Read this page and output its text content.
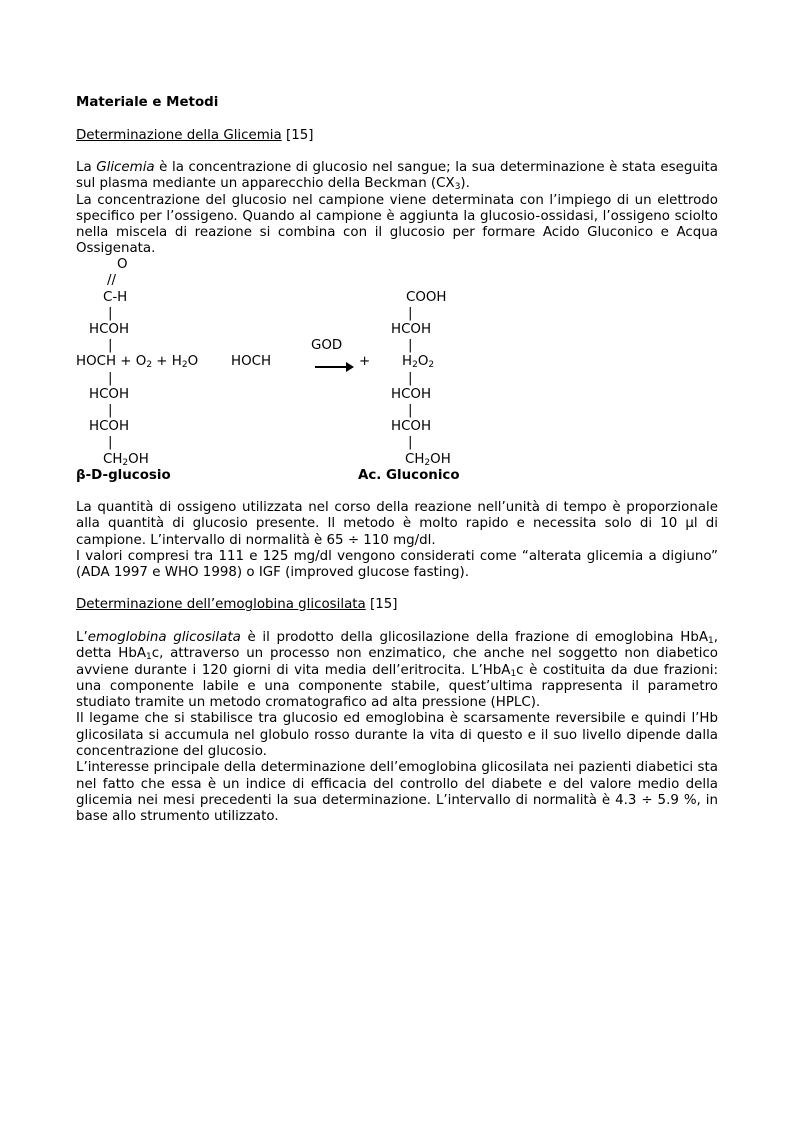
Materiale e Metodi
Determinazione della Glicemia [15]

La Glicemia è la concentrazione di glucosio nel sangue; la sua determinazione è stata eseguita sul plasma mediante un apparecchio della Beckman $(CX_3)$.

La concentrazione del glucosio nel campione viene determinata con l’impiego di un elettrodo specifico per l’ossigeno. Quando al campione è aggiunta la glucosio-ossidasi, l’ossigeno sciolto nella miscela di reazione si combina con il glucosio per formare Acido Gluconico e Acqua Ossigenata.

O
//
C-H
|
HCOH
|
HOCH + $O_2 + H_2O$ HOCH
|
HCOH
|
HCOH
|
$CH_2OH$
β-D-glucosio
GOD
→ +
COOH
|
HCOH
|
$H_2O_2$
|
HCOH
|
HCOH
|
$CH_2OH$
Ac. Gluconico

La quantità di ossigeno utilizzata nel corso della reazione nell’unità di tempo è proporzionale alla quantità di glucosio presente. Il metodo è molto rapido e necessita solo di 10 µl di campione. L’intervallo di normalità è 65 ÷ 110 mg/dl.

I valori compresi tra 111 e 125 mg/dl vengono considerati come “alterata glicemia a digiuno” (ADA 1997 e WHO 1998) o IGF (improved glucose fasting).

Determinazione dell’emoglobina glicosilata [15]

L’emoglobina glicosilata è il prodotto della glicosilazione della frazione di emoglobina HbA$_1$, detta HbA$_1$c, attraverso un processo non enzimatico, che anche nel soggetto non diabetico avviene durante i 120 giorni di vita media dell’eritrocita. L’HbA$_1$c è costituita da due frazioni: una componente labile e una componente stabile, quest’ultima rappresenta il parametro studiato tramite un metodo cromatografico ad alta pressione (HPLC).

Il legame che si stabilisce tra glucosio ed emoglobina è scarsamente reversibile e quindi l’Hb glicosilata si accumula nel globulo rosso durante la vita di questo e il suo livello dipende dalla concentrazione del glucosio.

L’interesse principale della determinazione dell’emoglobina glicosilata nei pazienti diabetici sta nel fatto che essa è un indice di efficacia del controllo del diabete e del valore medio della glicemia nei mesi precedenti la sua determinazione. L’intervallo di normalità è 4.3 ÷ 5.9 %, in base allo strumento utilizzato.
